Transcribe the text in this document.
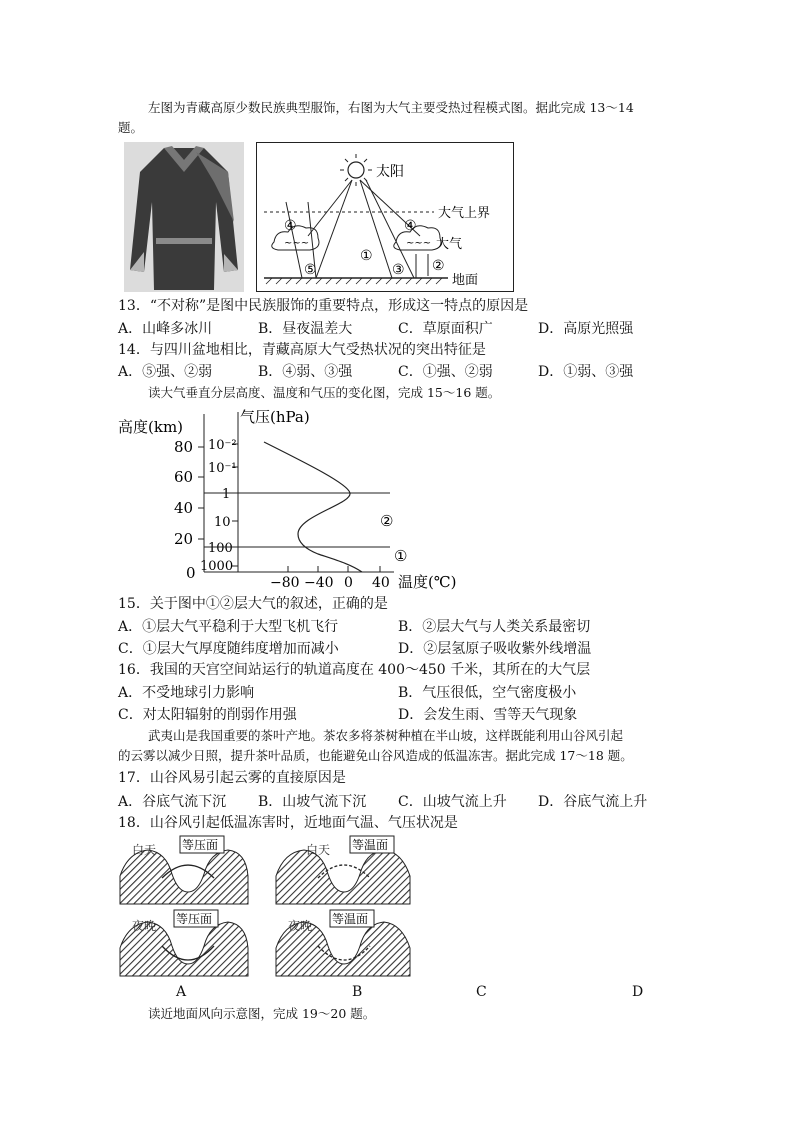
左图为青藏高原少数民族典型服饰，右图为大气主要受热过程模式图。据此完成 13～14
题。
太阳
大气上界
~~~	~~~ 大气
地面
④	④
①
⑤	③ ②
13．“不对称”是图中民族服饰的重要特点，形成这一特点的原因是
A．山峰多冰川	B．昼夜温差大	C．草原面积广	D．高原光照强
14．与四川盆地相比，青藏高原大气受热状况的突出特征是
A．⑤强、②弱	B．④弱、③强	C．①强、②弱	D．①弱、③强
读大气垂直分层高度、温度和气压的变化图，完成 15～16 题。
高度(km)
气压(hPa)
80
60
40
20
0
10⁻²
10⁻¹
1
10
100
1000
−80 −40 0 40 温度(℃)
②
①
15．关于图中①②层大气的叙述，正确的是
A．①层大气平稳利于大型飞机飞行	B．②层大气与人类关系最密切
C．①层大气厚度随纬度增加而减小	D．②层氢原子吸收紫外线增温
16．我国的天宫空间站运行的轨道高度在 400～450 千米，其所在的大气层
A．不受地球引力影响	B．气压很低，空气密度极小
C．对太阳辐射的削弱作用强	D．会发生雨、雪等天气现象
武夷山是我国重要的茶叶产地。茶农多将茶树种植在半山坡，这样既能利用山谷风引起
的云雾以减少日照，提升茶叶品质，也能避免山谷风造成的低温冻害。据此完成 17～18 题。
17．山谷风易引起云雾的直接原因是
A．谷底气流下沉 B．山坡气流下沉 C．山坡气流上升 D．谷底气流上升
18．山谷风引起低温冻害时，近地面气温、气压状况是
白天 等压面
夜晚 等压面
白天 等温面
夜晚 等温面
A	B	C	D
读近地面风向示意图，完成 19～20 题。
